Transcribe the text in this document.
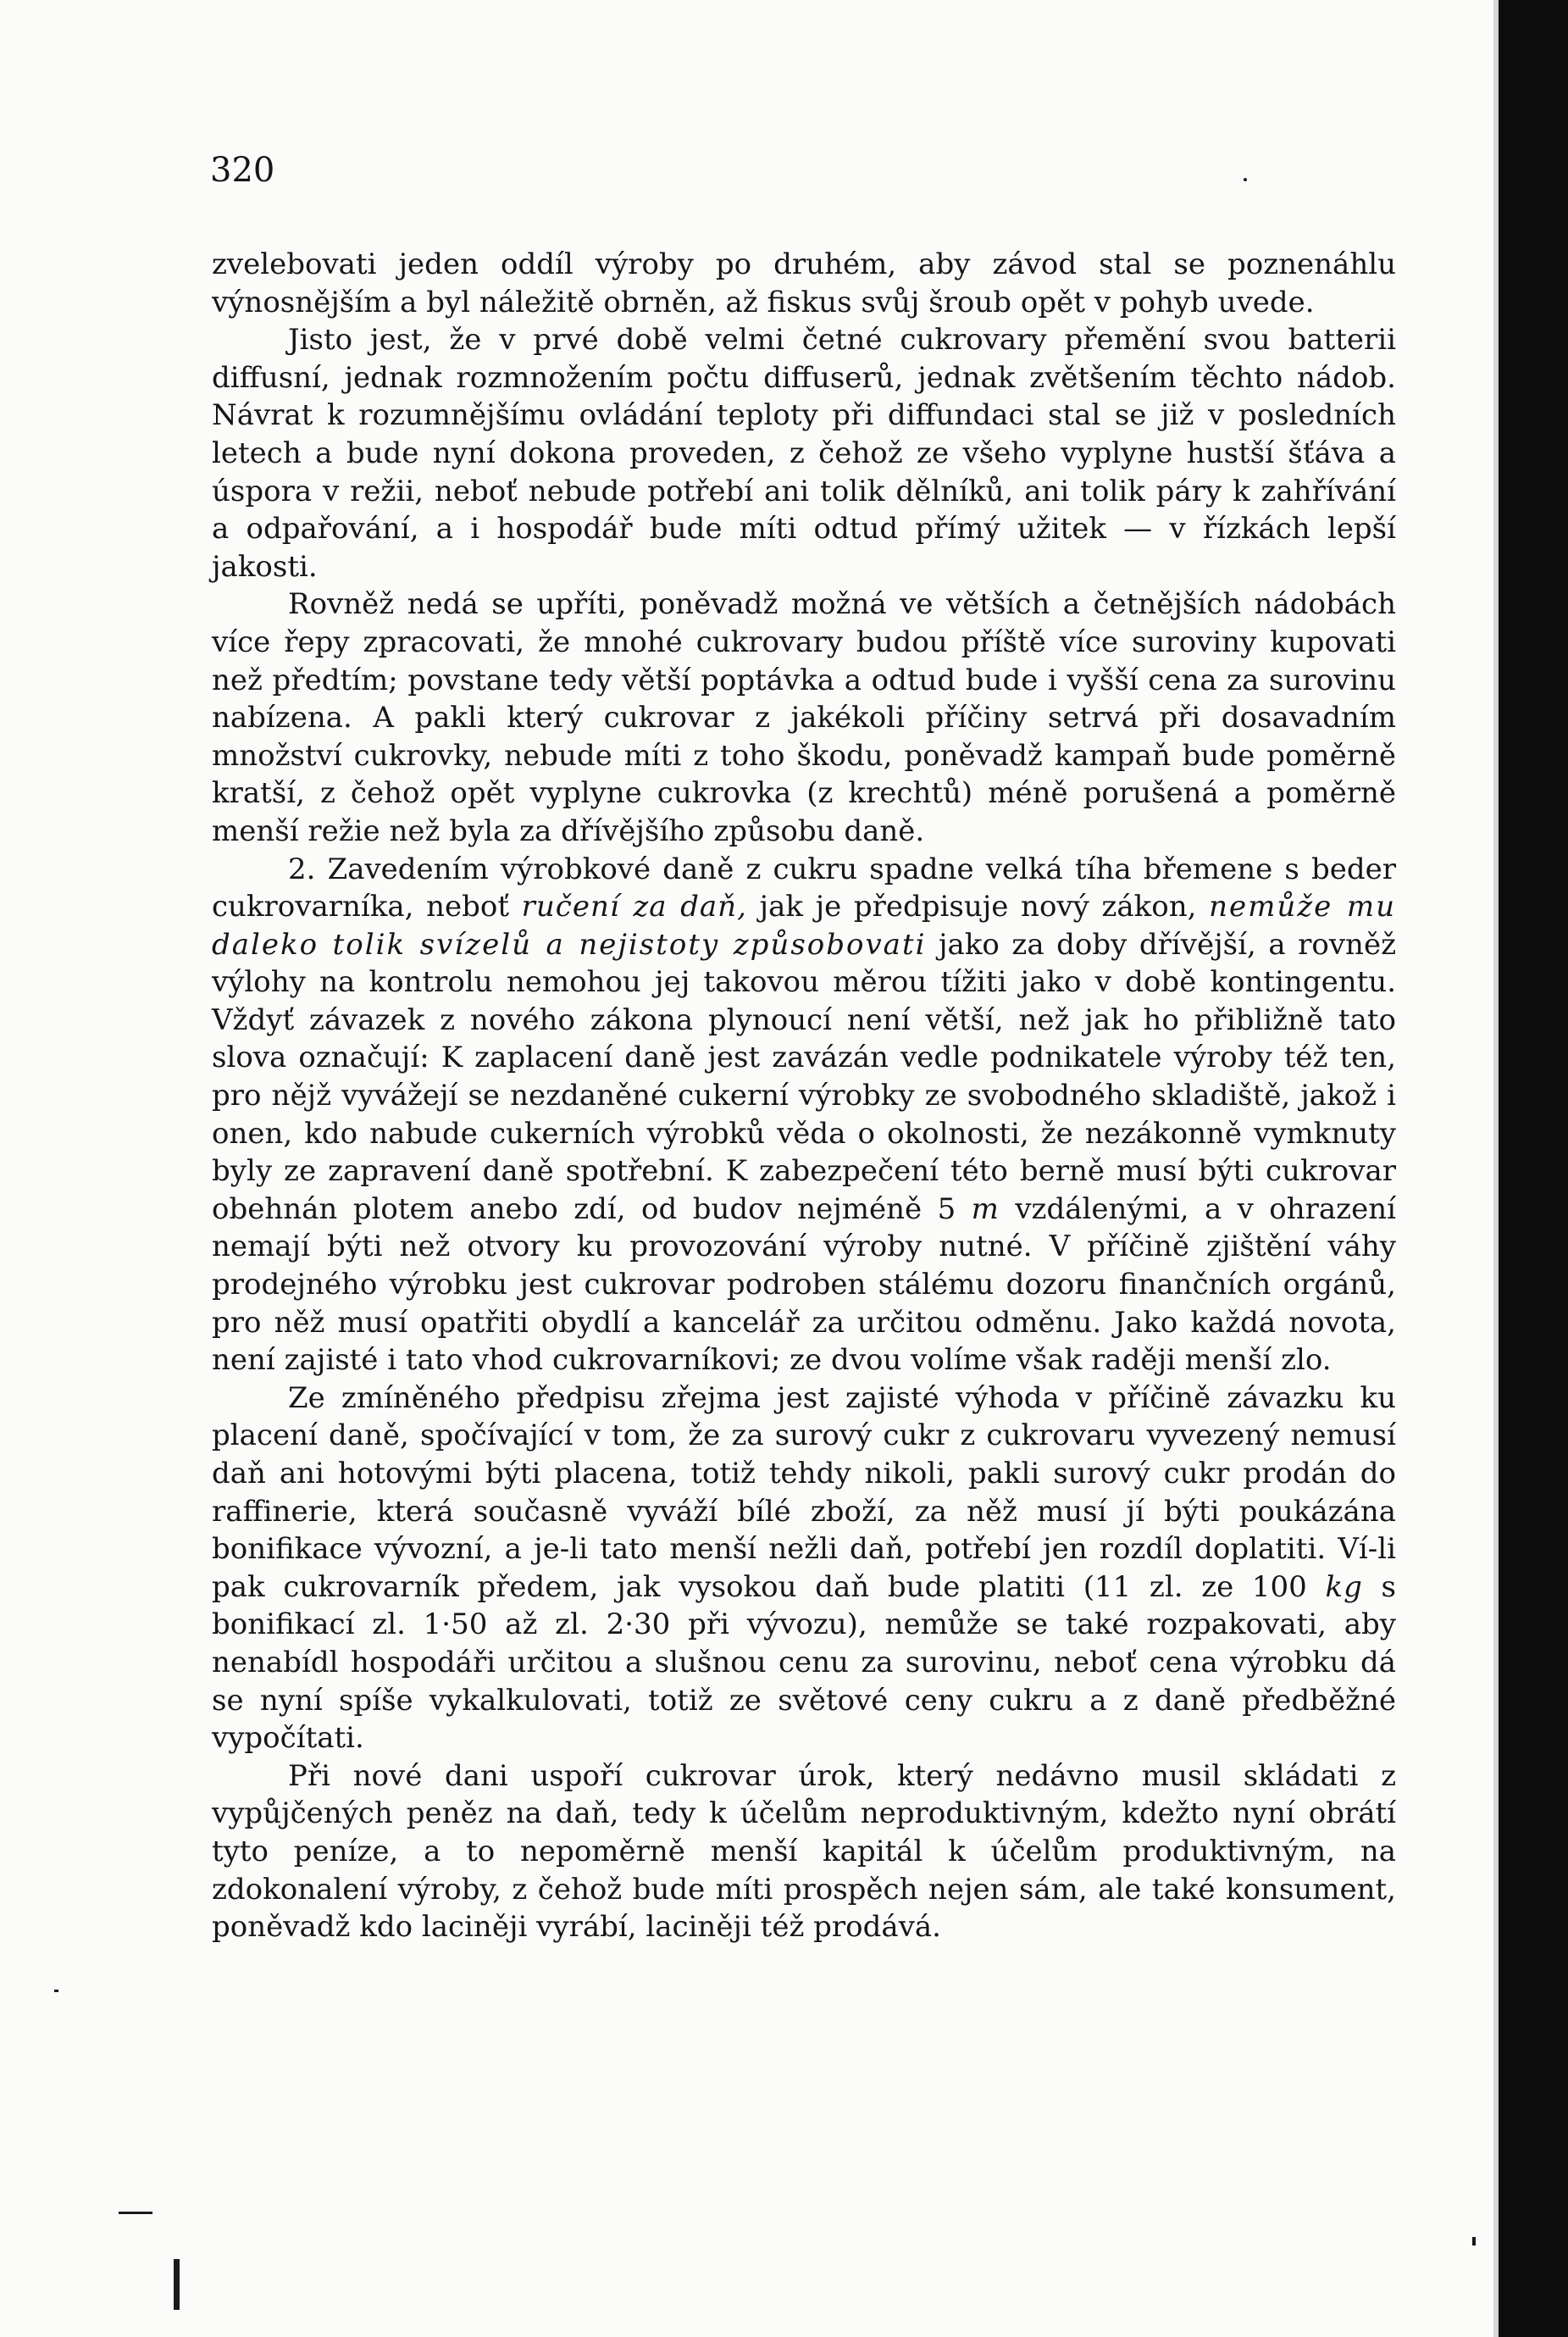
320

zvelebovati jeden oddíl výroby po druhém, aby závod stal se poznenáhlu výnosnějším a byl náležitě obrněn, až fiskus svůj šroub opět v pohyb uvede.

Jisto jest, že v prvé době velmi četné cukrovary přemění svou batterii diffusní, jednak rozmnožením počtu diffuserů, jednak zvětšením těchto nádob. Návrat k rozumnějšímu ovládání teploty při diffundaci stal se již v posledních letech a bude nyní dokona proveden, z čehož ze všeho vyplyne hustší šťáva a úspora v režii, neboť nebude potřebí ani tolik dělníků, ani tolik páry k zahřívání a odpařování, a i hospodář bude míti odtud přímý užitek — v řízkách lepší jakosti.

Rovněž nedá se upříti, poněvadž možná ve větších a četnějších nádobách více řepy zpracovati, že mnohé cukrovary budou příště více suroviny kupovati než předtím; povstane tedy větší poptávka a odtud bude i vyšší cena za surovinu nabízena. A pakli který cukrovar z jakékoli příčiny setrvá při dosavadním množství cukrovky, nebude míti z toho škodu, poněvadž kampaň bude poměrně kratší, z čehož opět vyplyne cukrovka (z krechtů) méně porušená a poměrně menší režie než byla za dřívějšího způsobu daně.

2. Zavedením výrobkové daně z cukru spadne velká tíha břemene s beder cukrovarníka, neboť ručení za daň, jak je předpisuje nový zákon, nemůže mu daleko tolik svízelů a nejistoty způsobovati jako za doby dřívější, a rovněž výlohy na kontrolu nemohou jej takovou měrou tížiti jako v době kontingentu. Vždyť závazek z nového zákona plynoucí není větší, než jak ho přibližně tato slova označují: K zaplacení daně jest zavázán vedle podnikatele výroby též ten, pro nějž vyvážejí se nezdaněné cukerní výrobky ze svobodného skladiště, jakož i onen, kdo nabude cukerních výrobků věda o okolnosti, že nezákonně vymknuty byly ze zapravení daně spotřební. K zabezpečení této berně musí býti cukrovar obehnán plotem anebo zdí, od budov nejméně 5 m vzdálenými, a v ohrazení nemají býti než otvory ku provozování výroby nutné. V příčině zjištění váhy prodejného výrobku jest cukrovar podroben stálému dozoru finančních orgánů, pro něž musí opatřiti obydlí a kancelář za určitou odměnu. Jako každá novota, není zajisté i tato vhod cukrovarníkovi; ze dvou volíme však raději menší zlo.

Ze zmíněného předpisu zřejma jest zajisté výhoda v příčině závazku ku placení daně, spočívající v tom, že za surový cukr z cukrovaru vyvezený nemusí daň ani hotovými býti placena, totiž tehdy nikoli, pakli surový cukr prodán do raffinerie, která současně vyváží bílé zboží, za něž musí jí býti poukázána bonifikace vývozní, a je-li tato menší nežli daň, potřebí jen rozdíl doplatiti. Ví-li pak cukrovarník předem, jak vysokou daň bude platiti (11 zl. ze 100 kg s bonifikací zl. 1·50 až zl. 2·30 při vývozu), nemůže se také rozpakovati, aby nenabídl hospodáři určitou a slušnou cenu za surovinu, neboť cena výrobku dá se nyní spíše vykalkulovati, totiž ze světové ceny cukru a z daně předběžné vypočítati.

Při nové dani uspoří cukrovar úrok, který nedávno musil skládati z vypůjčených peněz na daň, tedy k účelům neproduktivným, kdežto nyní obrátí tyto peníze, a to nepoměrně menší kapitál k účelům produktivným, na zdokonalení výroby, z čehož bude míti prospěch nejen sám, ale také konsument, poněvadž kdo laciněji vyrábí, laciněji též prodává.
